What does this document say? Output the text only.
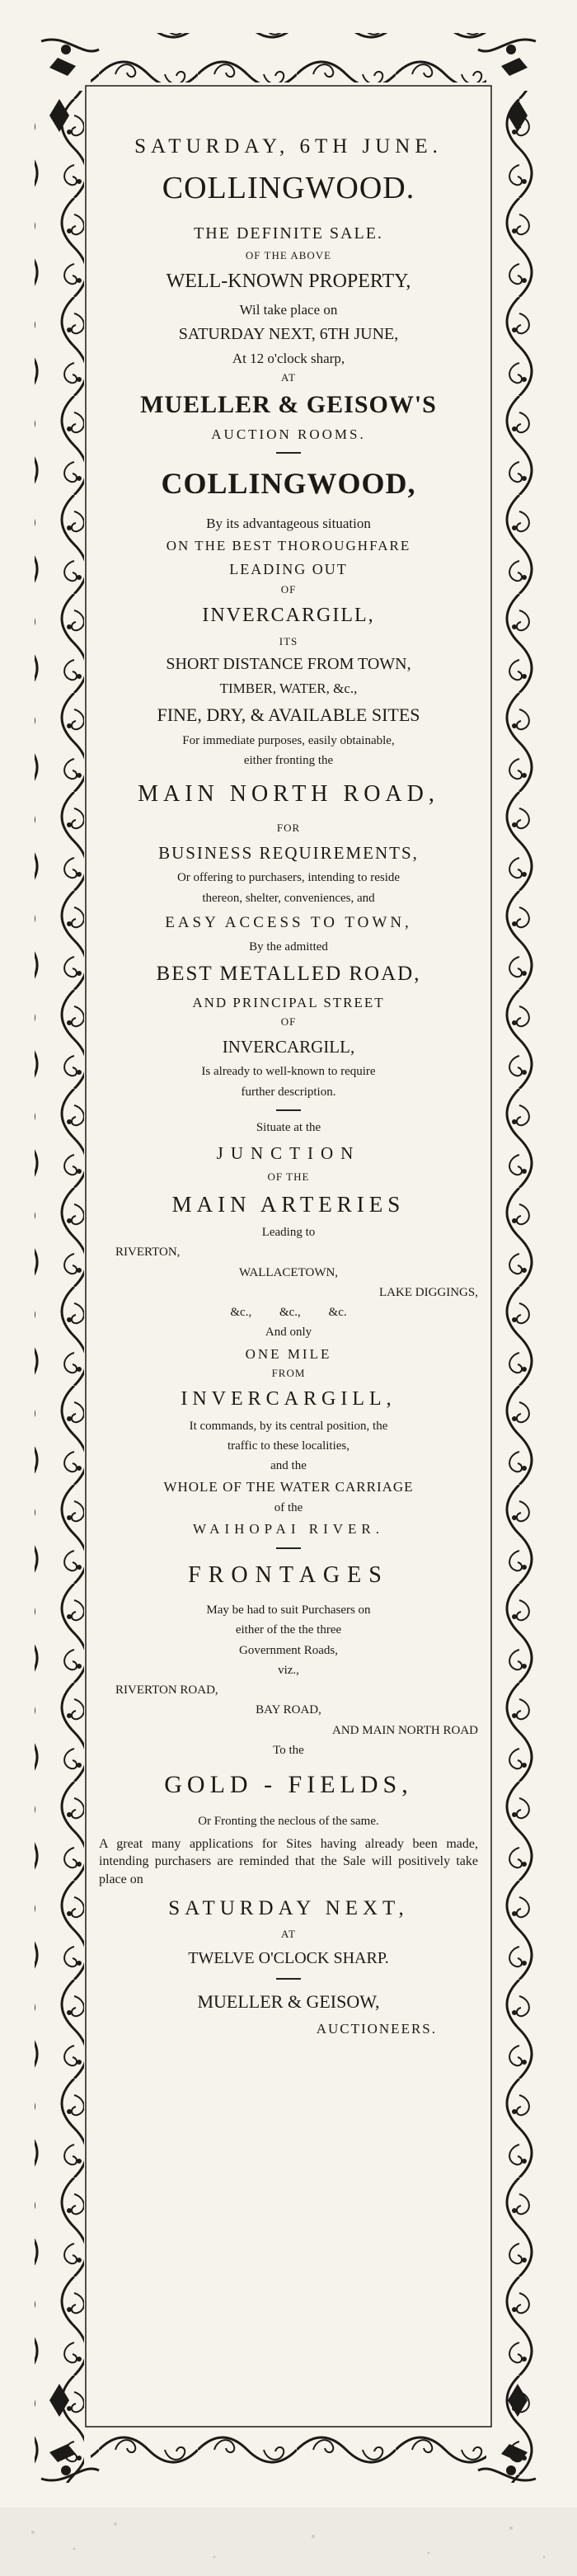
SATURDAY, 6TH JUNE.
COLLINGWOOD.
THE DEFINITE SALE.
OF THE ABOVE
WELL-KNOWN PROPERTY,
Wil take place on
SATURDAY NEXT, 6TH JUNE,
At 12 o'clock sharp,
AT
MUELLER & GEISOW'S
AUCTION ROOMS.
COLLINGWOOD,
By its advantageous situation
ON THE BEST THOROUGHFARE
LEADING OUT
OF
INVERCARGILL,
ITS
SHORT DISTANCE FROM TOWN,
TIMBER, WATER, &c.,
FINE, DRY, & AVAILABLE SITES
For immediate purposes, easily obtainable,
either fronting the
MAIN NORTH ROAD,
FOR
BUSINESS REQUIREMENTS,
Or offering to purchasers, intending to reside
thereon, shelter, conveniences, and
EASY ACCESS TO TOWN,
By the admitted
BEST METALLED ROAD,
AND PRINCIPAL STREET
OF
INVERCARGILL,
Is already to well-known to require
further description.
Situate at the
JUNCTION
OF THE
MAIN ARTERIES
Leading to
RIVERTON,
WALLACETOWN,
LAKE DIGGINGS,
&c., &c., &c.
And only
ONE MILE
FROM
INVERCARGILL,
It commands, by its central position, the
traffic to these localities,
and the
WHOLE OF THE WATER CARRIAGE
of the
WAIHOPAI RIVER.
FRONTAGES
May be had to suit Purchasers on
either of the the three
Government Roads,
viz.,
RIVERTON ROAD,
BAY ROAD,
AND MAIN NORTH ROAD
To the
GOLD - FIELDS,
Or Fronting the neclous of the same.
A great many applications for Sites having already been made, intending purchasers are reminded that the Sale will positively take place on
SATURDAY NEXT,
AT
TWELVE O'CLOCK SHARP.
MUELLER & GEISOW,
AUCTIONEERS.
